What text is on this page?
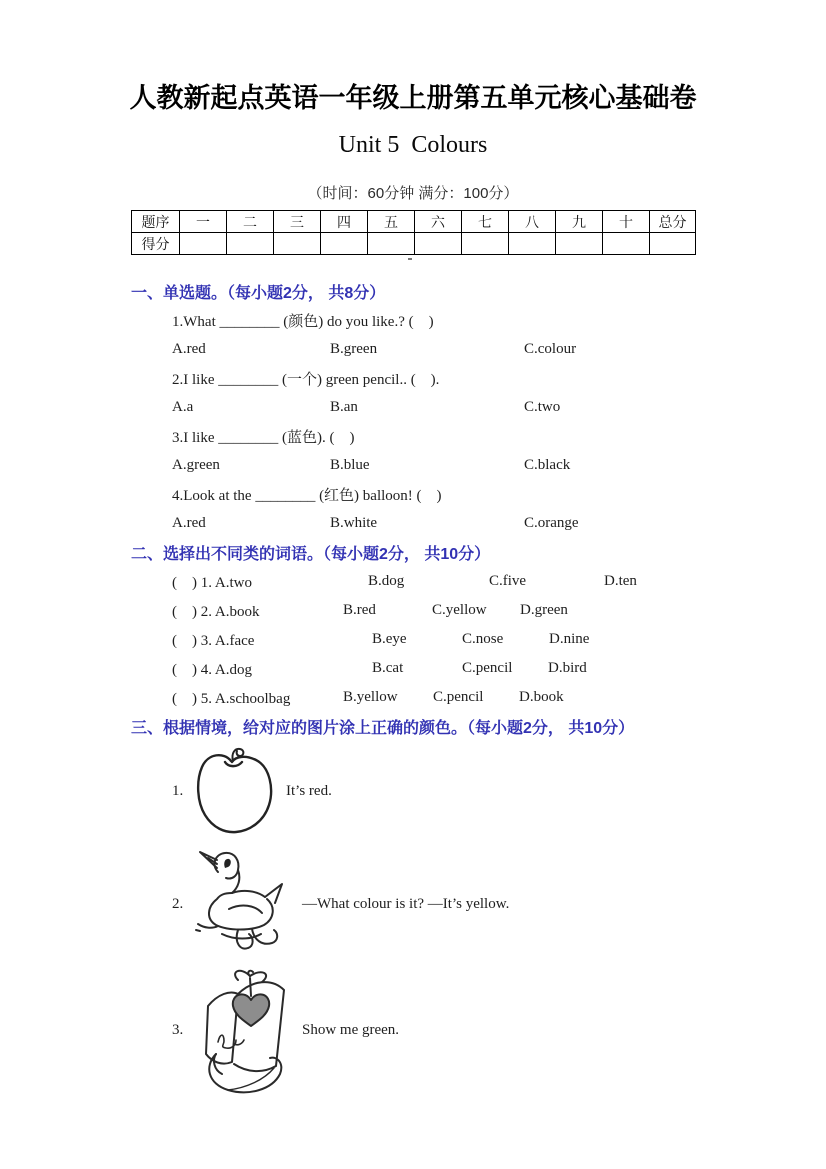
人教新起点英语一年级上册第五单元核心基础卷
Unit 5  Colours
（时间：60分钟 满分：100分）
题序	一	二	三	四	五	六	七	八	九	十	总分
得分											
一、单选题。（每小题2分， 共8分）
1.What ________ (颜色) do you like.? (　)
A.red	B.green	C.colour
2.I like ________ (一个) green pencil.. (　).
A.a	B.an	C.two
3.I like ________ (蓝色). (　)
A.green	B.blue	C.black
4.Look at the ________ (红色) balloon! (　)
A.red	B.white	C.orange
二、选择出不同类的词语。（每小题2分， 共10分）
(　) 1. A.two	B.dog	C.five	D.ten
(　) 2. A.book	B.red	C.yellow	D.green
(　) 3. A.face	B.eye	C.nose	D.nine
(　) 4. A.dog	B.cat	C.pencil	D.bird
(　) 5. A.schoolbag	B.yellow	C.pencil	D.book
三、根据情境，给对应的图片涂上正确的颜色。（每小题2分， 共10分）
1.	It’s red.
2.	—What colour is it? —It’s yellow.
3.	Show me green.
